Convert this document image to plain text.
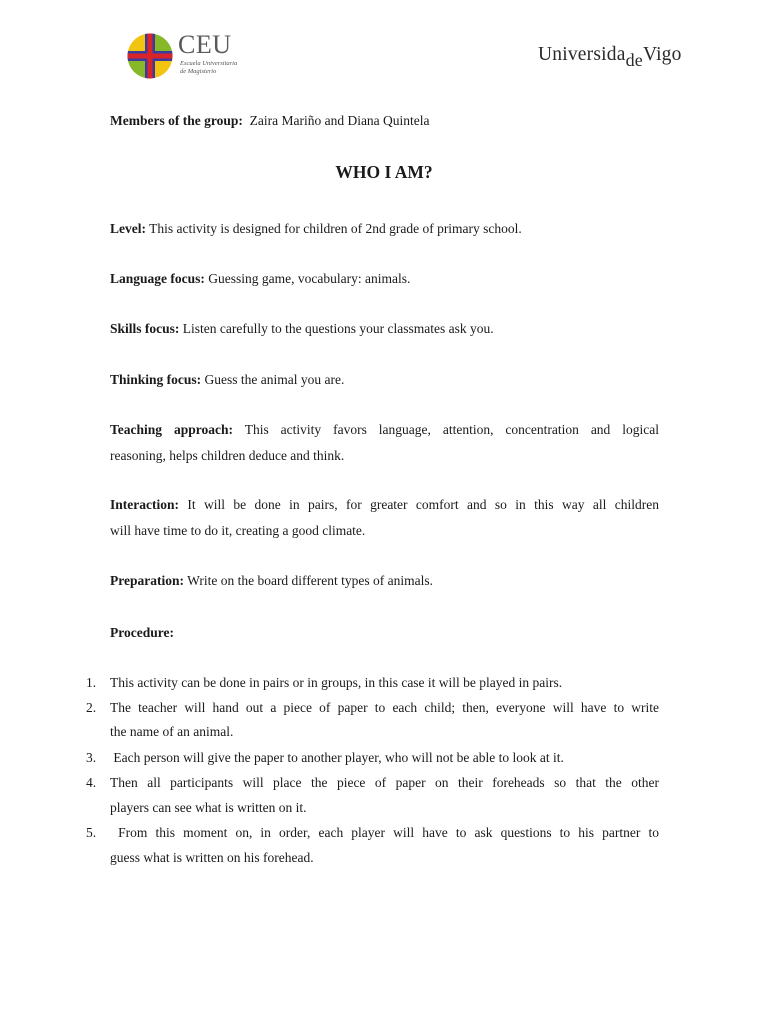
CEU
Escuela Universitaria
de Magisterio
UniversidadeVigo
Members of the group: Zaira Mariño and Diana Quintela
WHO I AM?
Level: This activity is designed for children of 2nd grade of primary school.
Language focus: Guessing game, vocabulary: animals.
Skills focus: Listen carefully to the questions your classmates ask you.
Thinking focus: Guess the animal you are.
Teaching approach: This activity favors language, attention, concentration and logical
reasoning, helps children deduce and think.
Interaction: It will be done in pairs, for greater comfort and so in this way all children
will have time to do it, creating a good climate.
Preparation: Write on the board different types of animals.
Procedure:
1. This activity can be done in pairs or in groups, in this case it will be played in pairs.
2. The teacher will hand out a piece of paper to each child; then, everyone will have to write
the name of an animal.
3. Each person will give the paper to another player, who will not be able to look at it.
4. Then all participants will place the piece of paper on their foreheads so that the other
players can see what is written on it.
5. From this moment on, in order, each player will have to ask questions to his partner to
guess what is written on his forehead.
